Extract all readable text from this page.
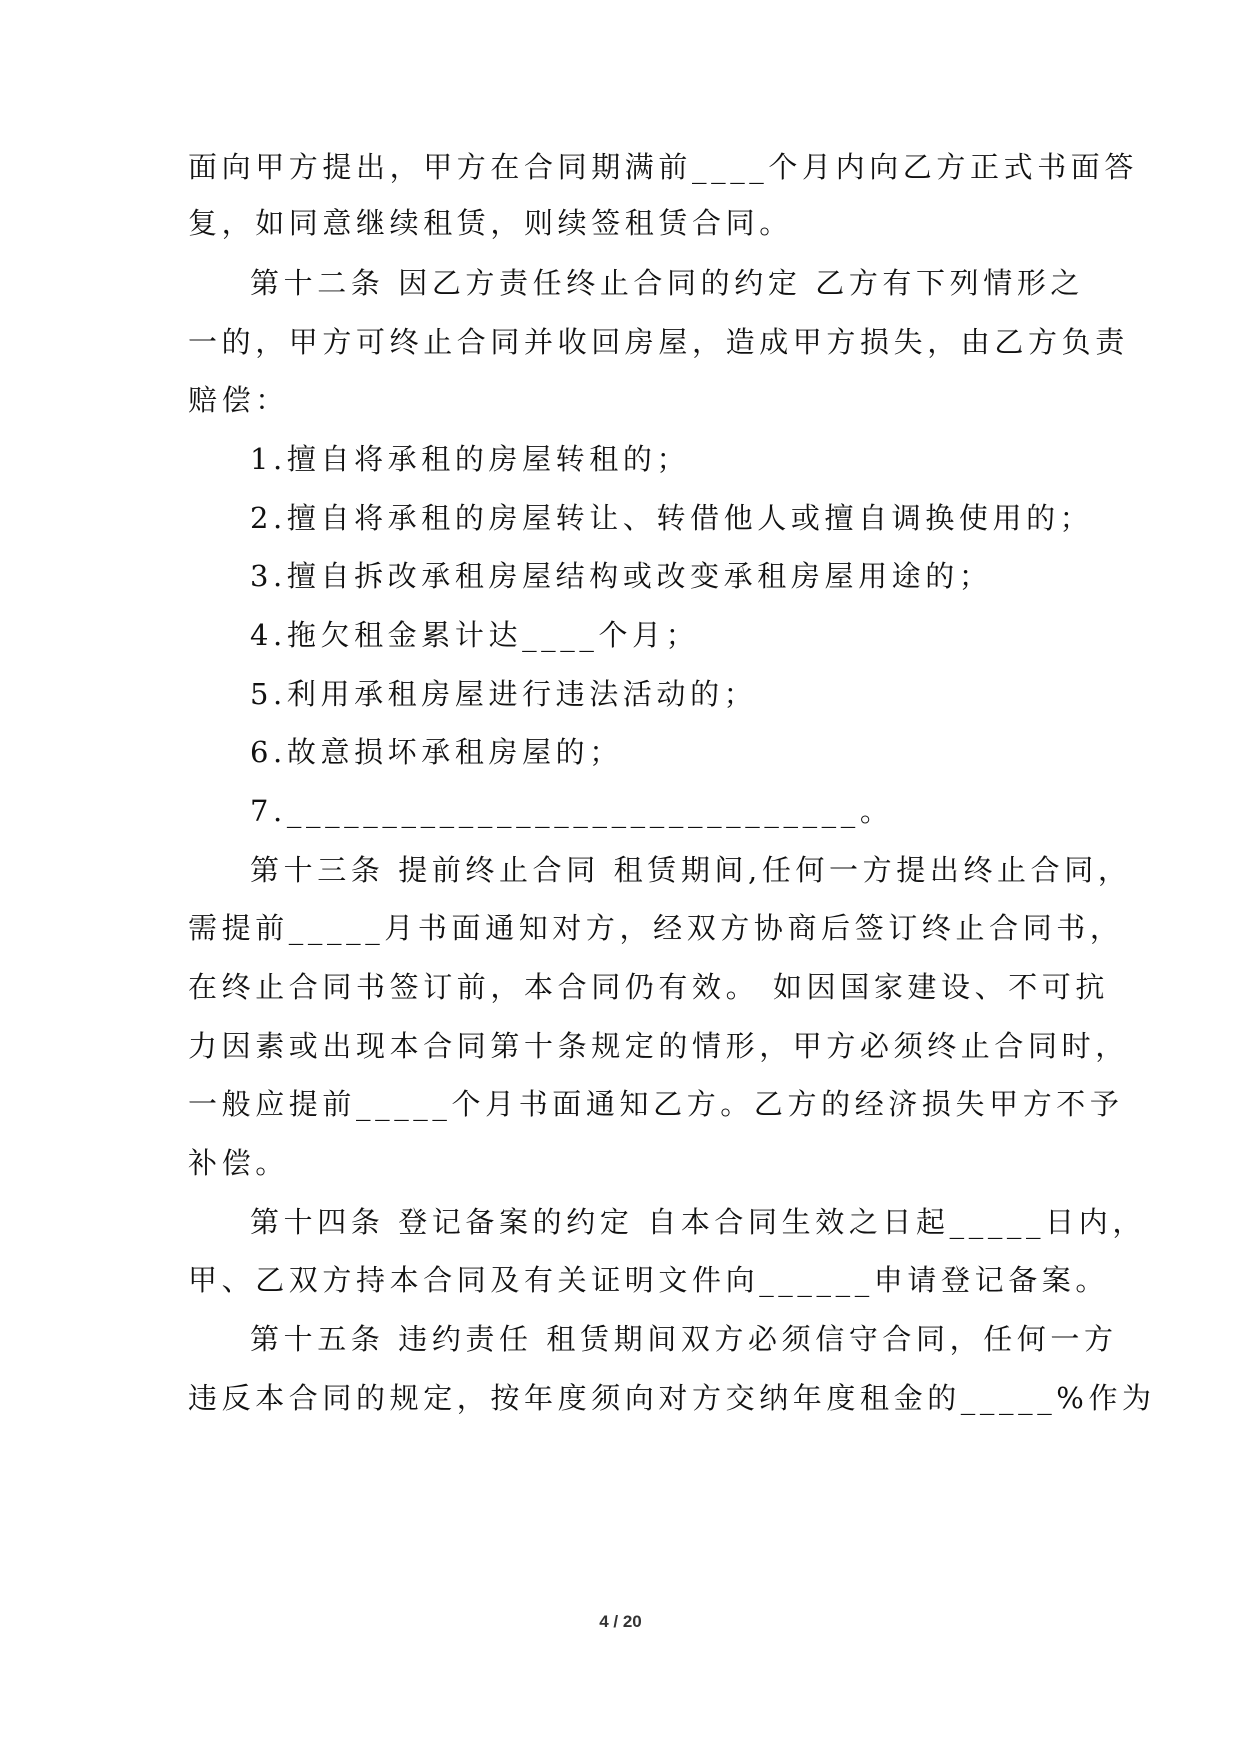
面向甲方提出，甲方在合同期满前____个月内向乙方正式书面答
复，如同意继续租赁，则续签租赁合同。
第十二条 因乙方责任终止合同的约定 乙方有下列情形之
一的，甲方可终止合同并收回房屋，造成甲方损失，由乙方负责
赔偿：
1.擅自将承租的房屋转租的；
2.擅自将承租的房屋转让、转借他人或擅自调换使用的；
3.擅自拆改承租房屋结构或改变承租房屋用途的；
4.拖欠租金累计达____个月；
5.利用承租房屋进行违法活动的；
6.故意损坏承租房屋的；
7.______________________________。
第十三条 提前终止合同 租赁期间,任何一方提出终止合同，
需提前_____月书面通知对方，经双方协商后签订终止合同书，
在终止合同书签订前，本合同仍有效。 如因国家建设、不可抗
力因素或出现本合同第十条规定的情形，甲方必须终止合同时，
一般应提前_____个月书面通知乙方。乙方的经济损失甲方不予
补偿。
第十四条 登记备案的约定 自本合同生效之日起_____日内，
甲、乙双方持本合同及有关证明文件向______申请登记备案。
第十五条 违约责任 租赁期间双方必须信守合同，任何一方
违反本合同的规定，按年度须向对方交纳年度租金的_____%作为
4 / 20
